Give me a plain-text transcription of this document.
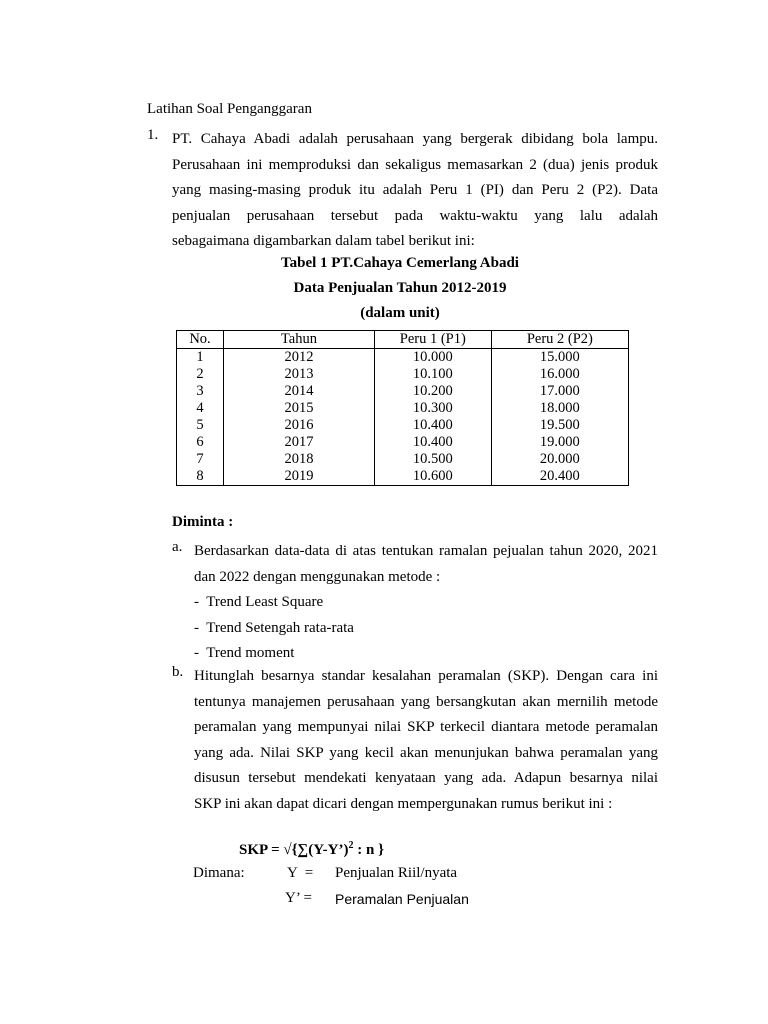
Latihan Soal Penganggaran
1. PT. Cahaya Abadi adalah perusahaan yang bergerak dibidang bola lampu.
Perusahaan ini memproduksi dan sekaligus memasarkan 2 (dua) jenis produk
yang masing-masing produk itu adalah Peru 1 (PI) dan Peru 2 (P2). Data
penjualan perusahaan tersebut pada waktu-waktu yang lalu adalah
sebagaimana digambarkan dalam tabel berikut ini:
Tabel 1 PT.Cahaya Cemerlang Abadi
Data Penjualan Tahun 2012-2019
(dalam unit)
No.	Tahun	Peru 1 (P1)	Peru 2 (P2)
1	2012	10.000	15.000
2	2013	10.100	16.000
3	2014	10.200	17.000
4	2015	10.300	18.000
5	2016	10.400	19.500
6	2017	10.400	19.000
7	2018	10.500	20.000
8	2019	10.600	20.400
Diminta :
a. Berdasarkan data-data di atas tentukan ramalan pejualan tahun 2020, 2021
dan 2022 dengan menggunakan metode :
-  Trend Least Square
-  Trend Setengah rata-rata
-  Trend moment
b. Hitunglah besarnya standar kesalahan peramalan (SKP). Dengan cara ini
tentunya manajemen perusahaan yang bersangkutan akan mernilih metode
peramalan yang mempunyai nilai SKP terkecil diantara metode peramalan
yang ada. Nilai SKP yang kecil akan menunjukan bahwa peramalan yang
disusun tersebut mendekati kenyataan yang ada. Adapun besarnya nilai
SKP ini akan dapat dicari dengan mempergunakan rumus berikut ini :
SKP = √{∑(Y-Y’)$^2$ : n }
Dimana:	Y  = Penjualan Riil/nyata
Y’ = Peramalan Penjualan
